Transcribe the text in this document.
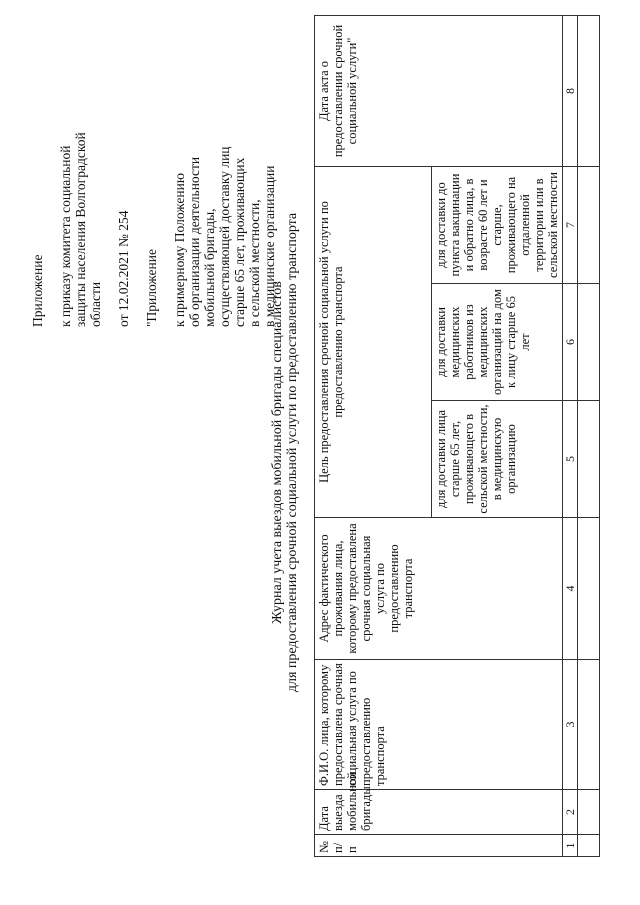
Приложение к приказу комитета социальной защиты населения Волгоградской области от 12.02.2021 № 254 "Приложение к примерному Положению об организации деятельности мобильной бригады, осуществляющей доставку лиц старше 65 лет, проживающих в сельской местности, в медицинские организации

Журнал учета выездов мобильной бригады специалистов для предоставления срочной социальной услуги по предоставлению транспорта
№ п/п	Дата выезда мобильной бригады	Ф.И.О. лица, которому предоставлена срочная социальная услуга по предоставлению транспорта	Адрес фактического проживания лица, которому предоставлена срочная социальная услуга по предоставлению транспорта	Цель предоставления срочной социальной услуги по предоставлению транспорта			Дата акта о предоставлении срочной социальной услуги"
				для доставки лица старше 65 лет, проживающего в сельской местности, в медицинскую организацию	для доставки медицинских работников из медицинских организаций на дом к лицу старше 65 лет	для доставки до пункта вакцинации и обратно лица, в возрасте 60 лет и старше, проживающего на отдаленной территории или в сельской местности	
1	2	3	4	5	6	7	8
